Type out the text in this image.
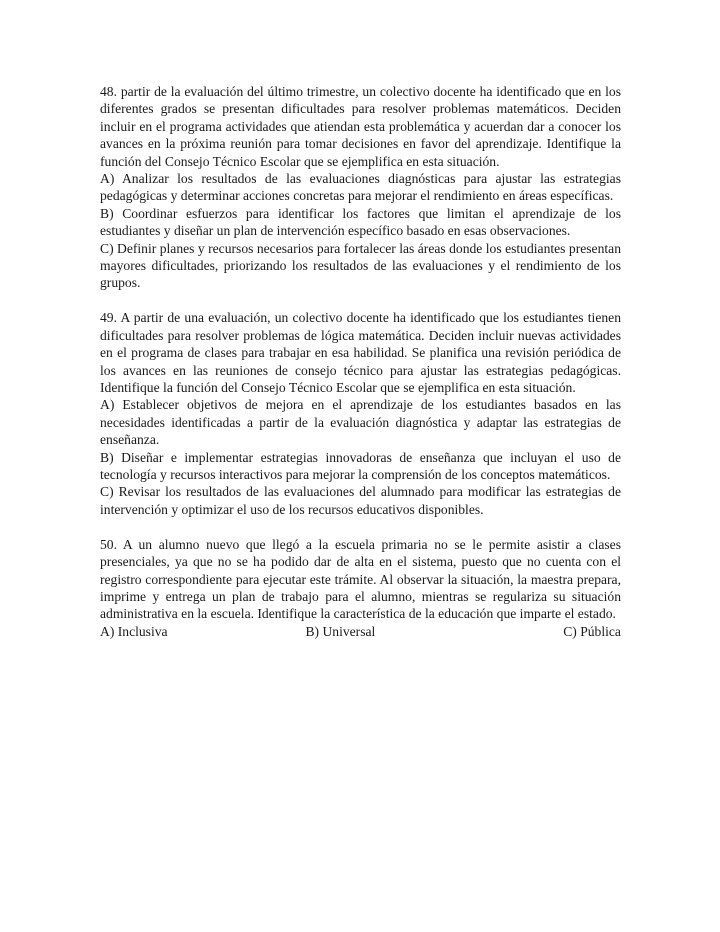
48. partir de la evaluación del último trimestre, un colectivo docente ha identificado que en los diferentes grados se presentan dificultades para resolver problemas matemáticos. Deciden incluir en el programa actividades que atiendan esta problemática y acuerdan dar a conocer los avances en la próxima reunión para tomar decisiones en favor del aprendizaje. Identifique la función del Consejo Técnico Escolar que se ejemplifica en esta situación.

A) Analizar los resultados de las evaluaciones diagnósticas para ajustar las estrategias pedagógicas y determinar acciones concretas para mejorar el rendimiento en áreas específicas.

B) Coordinar esfuerzos para identificar los factores que limitan el aprendizaje de los estudiantes y diseñar un plan de intervención específico basado en esas observaciones.

C) Definir planes y recursos necesarios para fortalecer las áreas donde los estudiantes presentan mayores dificultades, priorizando los resultados de las evaluaciones y el rendimiento de los grupos.

49. A partir de una evaluación, un colectivo docente ha identificado que los estudiantes tienen dificultades para resolver problemas de lógica matemática. Deciden incluir nuevas actividades en el programa de clases para trabajar en esa habilidad. Se planifica una revisión periódica de los avances en las reuniones de consejo técnico para ajustar las estrategias pedagógicas. Identifique la función del Consejo Técnico Escolar que se ejemplifica en esta situación.

A) Establecer objetivos de mejora en el aprendizaje de los estudiantes basados en las necesidades identificadas a partir de la evaluación diagnóstica y adaptar las estrategias de enseñanza.

B) Diseñar e implementar estrategias innovadoras de enseñanza que incluyan el uso de tecnología y recursos interactivos para mejorar la comprensión de los conceptos matemáticos.

C) Revisar los resultados de las evaluaciones del alumnado para modificar las estrategias de intervención y optimizar el uso de los recursos educativos disponibles.

50. A un alumno nuevo que llegó a la escuela primaria no se le permite asistir a clases presenciales, ya que no se ha podido dar de alta en el sistema, puesto que no cuenta con el registro correspondiente para ejecutar este trámite. Al observar la situación, la maestra prepara, imprime y entrega un plan de trabajo para el alumno, mientras se regulariza su situación administrativa en la escuela. Identifique la característica de la educación que imparte el estado.

A) Inclusiva	B) Universal	C) Pública
